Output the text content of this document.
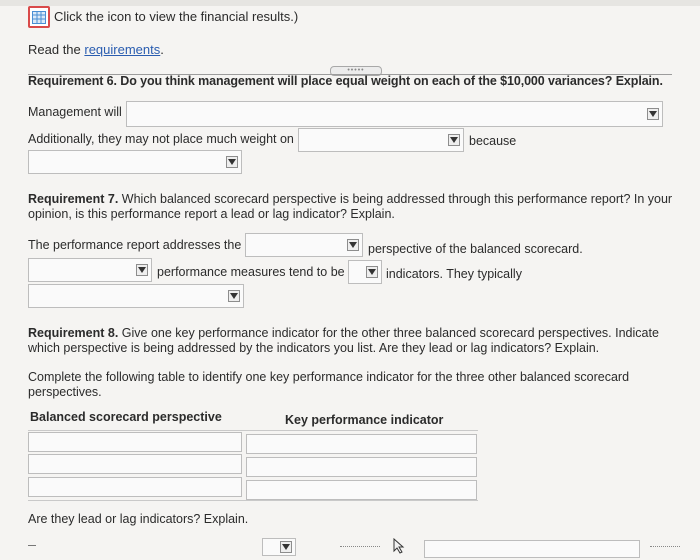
Click the icon to view the financial results.)
Read the requirements.
•••••
Requirement 6. Do you think management will place equal weight on each of the $10,000 variances? Explain.
Management will
Additionally, they may not place much weight on	because
Requirement 7. Which balanced scorecard perspective is being addressed through this performance report? In your opinion, is this performance report a lead or lag indicator? Explain.
The performance report addresses the	perspective of the balanced scorecard.
performance measures tend to be	indicators. They typically
Requirement 8. Give one key performance indicator for the other three balanced scorecard perspectives. Indicate which perspective is being addressed by the indicators you list. Are they lead or lag indicators? Explain.
Complete the following table to identify one key performance indicator for the three other balanced scorecard perspectives.
Balanced scorecard perspective	Key performance indicator
Are they lead or lag indicators? Explain.
